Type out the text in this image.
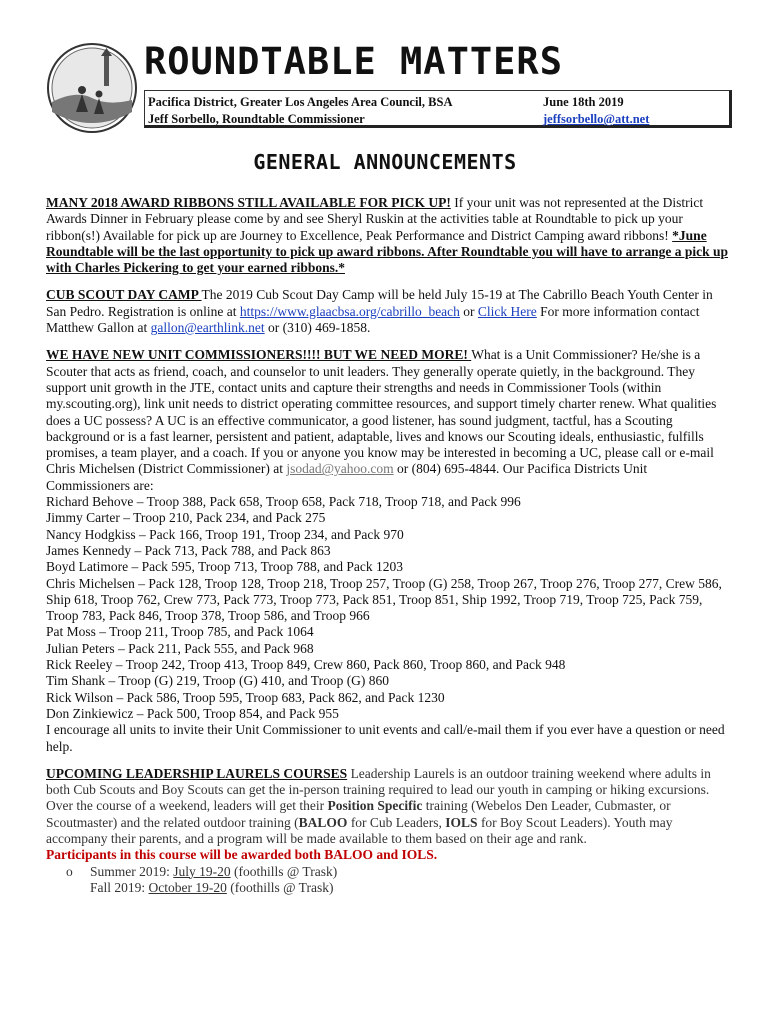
ROUNDTABLE MATTERS
Pacifica District, Greater Los Angeles Area Council, BSA
Jeff Sorbello, Roundtable Commissioner
June 18th 2019
jeffsorbello@att.net
GENERAL ANNOUNCEMENTS

MANY 2018 AWARD RIBBONS STILL AVAILABLE FOR PICK UP! If your unit was not represented at the District Awards Dinner in February please come by and see Sheryl Ruskin at the activities table at Roundtable to pick up your ribbon(s!) Available for pick up are Journey to Excellence, Peak Performance and District Camping award ribbons! *June Roundtable will be the last opportunity to pick up award ribbons. After Roundtable you will have to arrange a pick up with Charles Pickering to get your earned ribbons.*

CUB SCOUT DAY CAMP The 2019 Cub Scout Day Camp will be held July 15-19 at The Cabrillo Beach Youth Center in San Pedro. Registration is online at https://www.glaacbsa.org/cabrillo_beach or Click Here For more information contact Matthew Gallon at gallon@earthlink.net or (310) 469-1858.

WE HAVE NEW UNIT COMMISSIONERS!!!! BUT WE NEED MORE! What is a Unit Commissioner? He/she is a Scouter that acts as friend, coach, and counselor to unit leaders. They generally operate quietly, in the background. They support unit growth in the JTE, contact units and capture their strengths and needs in Commissioner Tools (within my.scouting.org), link unit needs to district operating committee resources, and support timely charter renew. What qualities does a UC possess? A UC is an effective communicator, a good listener, has sound judgment, tactful, has a Scouting background or is a fast learner, persistent and patient, adaptable, lives and knows our Scouting ideals, enthusiastic, fulfills promises, a team player, and a coach. If you or anyone you know may be interested in becoming a UC, please call or e-mail Chris Michelsen (District Commissioner) at jsodad@yahoo.com or (804) 695-4844. Our Pacifica Districts Unit Commissioners are:
Richard Behove – Troop 388, Pack 658, Troop 658, Pack 718, Troop 718, and Pack 996
Jimmy Carter – Troop 210, Pack 234, and Pack 275
Nancy Hodgkiss – Pack 166, Troop 191, Troop 234, and Pack 970
James Kennedy – Pack 713, Pack 788, and Pack 863
Boyd Latimore – Pack 595, Troop 713, Troop 788, and Pack 1203
Chris Michelsen – Pack 128, Troop 128, Troop 218, Troop 257, Troop (G) 258, Troop 267, Troop 276, Troop 277, Crew 586, Ship 618, Troop 762, Crew 773, Pack 773, Troop 773, Pack 851, Troop 851, Ship 1992, Troop 719, Troop 725, Pack 759, Troop 783, Pack 846, Troop 378, Troop 586, and Troop 966
Pat Moss – Troop 211, Troop 785, and Pack 1064
Julian Peters – Pack 211, Pack 555, and Pack 968
Rick Reeley – Troop 242, Troop 413, Troop 849, Crew 860, Pack 860, Troop 860, and Pack 948
Tim Shank – Troop (G) 219, Troop (G) 410, and Troop (G) 860
Rick Wilson – Pack 586, Troop 595, Troop 683, Pack 862, and Pack 1230
Don Zinkiewicz – Pack 500, Troop 854, and Pack 955
I encourage all units to invite their Unit Commissioner to unit events and call/e-mail them if you ever have a question or need help.
UPCOMING LEADERSHIP LAURELS COURSES Leadership Laurels is an outdoor training weekend where adults in both Cub Scouts and Boy Scouts can get the in-person training required to lead our youth in camping or hiking excursions. Over the course of a weekend, leaders will get their Position Specific training (Webelos Den Leader, Cubmaster, or Scoutmaster) and the related outdoor training (BALOO for Cub Leaders, IOLS for Boy Scout Leaders). Youth may accompany their parents, and a program will be made available to them based on their age and rank.
Participants in this course will be awarded both BALOO and IOLS.
o Summer 2019: July 19-20 (foothills @ Trask)
Fall 2019: October 19-20 (foothills @ Trask)
